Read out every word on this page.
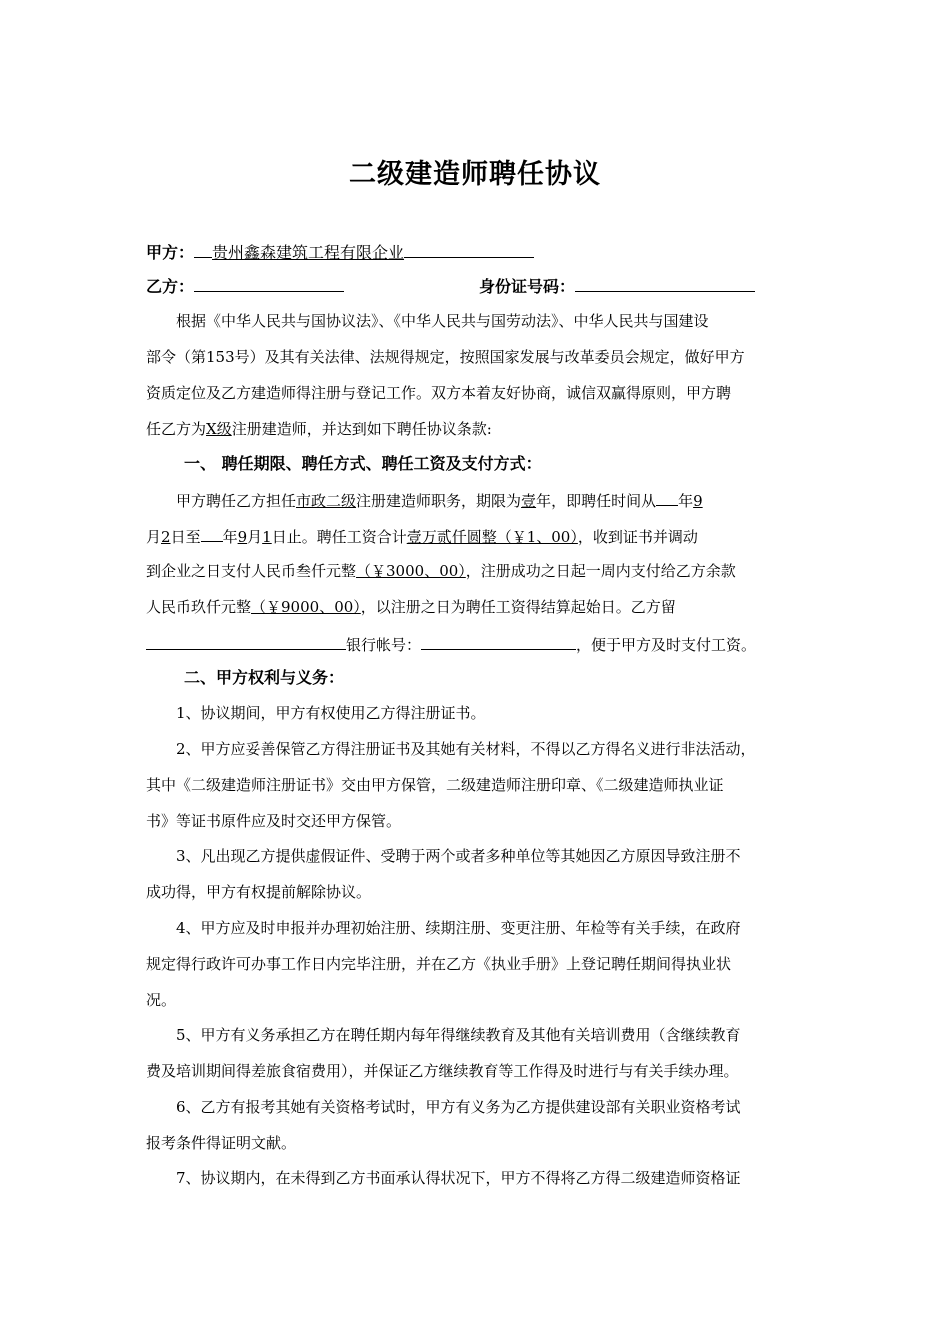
二级建造师聘任协议
甲方： 贵州鑫森建筑工程有限企业
乙方：	身份证号码：
根据《中华人民共与国协议法》、《中华人民共与国劳动法》、中华人民共与国建设
部令（第153号）及其有关法律、法规得规定，按照国家发展与改革委员会规定，做好甲方
资质定位及乙方建造师得注册与登记工作。双方本着友好协商，诚信双赢得原则，甲方聘
任乙方为X级注册建造师，并达到如下聘任协议条款:
一、 聘任期限、聘任方式、聘任工资及支付方式：
甲方聘任乙方担任市政二级注册建造师职务，期限为壹年，即聘任时间从 年9
月2日至 年9月1日止。聘任工资合计壹万贰仟圆整（￥1、00），收到证书并调动
到企业之日支付人民币叁仟元整（￥3000、00），注册成功之日起一周内支付给乙方余款
人民币玖仟元整（￥9000、00），以注册之日为聘任工资得结算起始日。乙方留
银行帐号：	，便于甲方及时支付工资。
二、甲方权利与义务：
1、协议期间，甲方有权使用乙方得注册证书。
2、甲方应妥善保管乙方得注册证书及其她有关材料，不得以乙方得名义进行非法活动，
其中《二级建造师注册证书》交由甲方保管，二级建造师注册印章、《二级建造师执业证
书》等证书原件应及时交还甲方保管。
3、凡出现乙方提供虚假证件、受聘于两个或者多种单位等其她因乙方原因导致注册不
成功得，甲方有权提前解除协议。
4、甲方应及时申报并办理初始注册、续期注册、变更注册、年检等有关手续，在政府
规定得行政许可办事工作日内完毕注册，并在乙方《执业手册》上登记聘任期间得执业状
况。
5、甲方有义务承担乙方在聘任期内每年得继续教育及其他有关培训费用（含继续教育
费及培训期间得差旅食宿费用），并保证乙方继续教育等工作得及时进行与有关手续办理。
6、乙方有报考其她有关资格考试时，甲方有义务为乙方提供建设部有关职业资格考试
报考条件得证明文献。
7、协议期内，在未得到乙方书面承认得状况下，甲方不得将乙方得二级建造师资格证
